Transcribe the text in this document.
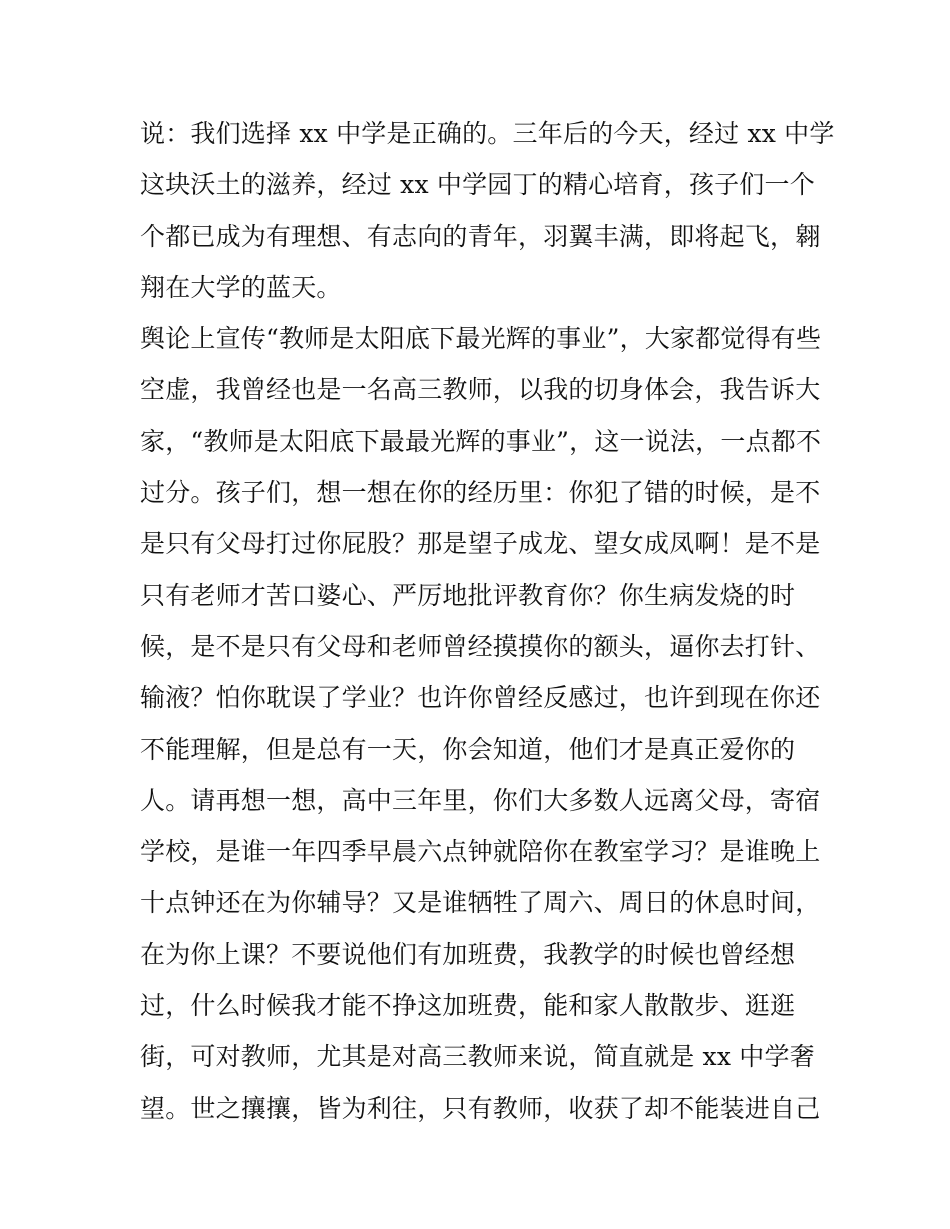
说：我们选择 xx 中学是正确的。三年后的今天，经过 xx 中学
这块沃土的滋养，经过 xx 中学园丁的精心培育，孩子们一个
个都已成为有理想、有志向的青年，羽翼丰满，即将起飞，翱
翔在大学的蓝天。
舆论上宣传“教师是太阳底下最光辉的事业”，大家都觉得有些
空虚，我曾经也是一名高三教师，以我的切身体会，我告诉大
家，“教师是太阳底下最最光辉的事业”，这一说法，一点都不
过分。孩子们，想一想在你的经历里：你犯了错的时候，是不
是只有父母打过你屁股？那是望子成龙、望女成凤啊！是不是
只有老师才苦口婆心、严厉地批评教育你？你生病发烧的时
候，是不是只有父母和老师曾经摸摸你的额头，逼你去打针、
输液？怕你耽误了学业？也许你曾经反感过，也许到现在你还
不能理解，但是总有一天，你会知道，他们才是真正爱你的
人。请再想一想，高中三年里，你们大多数人远离父母，寄宿
学校，是谁一年四季早晨六点钟就陪你在教室学习？是谁晚上
十点钟还在为你辅导？又是谁牺牲了周六、周日的休息时间，
在为你上课？不要说他们有加班费，我教学的时候也曾经想
过，什么时候我才能不挣这加班费，能和家人散散步、逛逛
街，可对教师，尤其是对高三教师来说，简直就是 xx 中学奢
望。世之攘攘，皆为利往，只有教师，收获了却不能装进自己
